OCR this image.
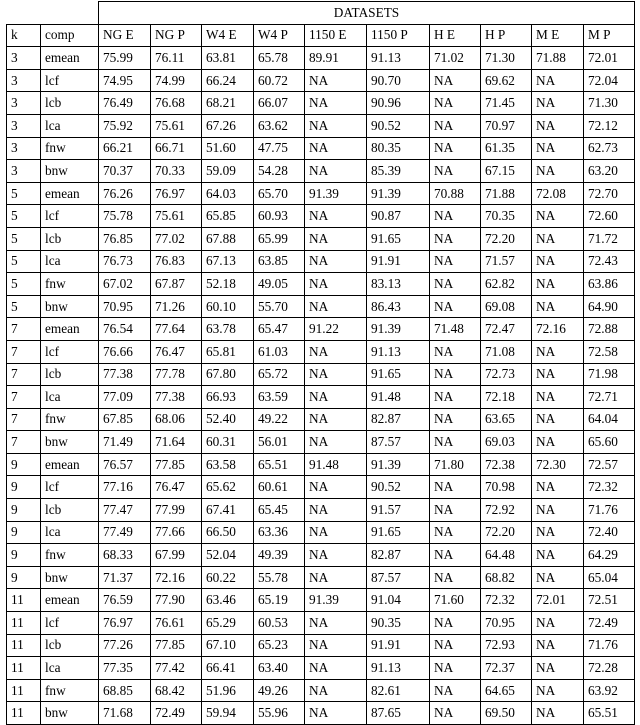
		DATASETS									
k	comp	NG E	NG P	W4 E	W4 P	1150 E	1150 P	H E	H P	M E	M P
3	emean	75.99	76.11	63.81	65.78	89.91	91.13	71.02	71.30	71.88	72.01
3	lcf	74.95	74.99	66.24	60.72	NA	90.70	NA	69.62	NA	72.04
3	lcb	76.49	76.68	68.21	66.07	NA	90.96	NA	71.45	NA	71.30
3	lca	75.92	75.61	67.26	63.62	NA	90.52	NA	70.97	NA	72.12
3	fnw	66.21	66.71	51.60	47.75	NA	80.35	NA	61.35	NA	62.73
3	bnw	70.37	70.33	59.09	54.28	NA	85.39	NA	67.15	NA	63.20
5	emean	76.26	76.97	64.03	65.70	91.39	91.39	70.88	71.88	72.08	72.70
5	lcf	75.78	75.61	65.85	60.93	NA	90.87	NA	70.35	NA	72.60
5	lcb	76.85	77.02	67.88	65.99	NA	91.65	NA	72.20	NA	71.72
5	lca	76.73	76.83	67.13	63.85	NA	91.91	NA	71.57	NA	72.43
5	fnw	67.02	67.87	52.18	49.05	NA	83.13	NA	62.82	NA	63.86
5	bnw	70.95	71.26	60.10	55.70	NA	86.43	NA	69.08	NA	64.90
7	emean	76.54	77.64	63.78	65.47	91.22	91.39	71.48	72.47	72.16	72.88
7	lcf	76.66	76.47	65.81	61.03	NA	91.13	NA	71.08	NA	72.58
7	lcb	77.38	77.78	67.80	65.72	NA	91.65	NA	72.73	NA	71.98
7	lca	77.09	77.38	66.93	63.59	NA	91.48	NA	72.18	NA	72.71
7	fnw	67.85	68.06	52.40	49.22	NA	82.87	NA	63.65	NA	64.04
7	bnw	71.49	71.64	60.31	56.01	NA	87.57	NA	69.03	NA	65.60
9	emean	76.57	77.85	63.58	65.51	91.48	91.39	71.80	72.38	72.30	72.57
9	lcf	77.16	76.47	65.62	60.61	NA	90.52	NA	70.98	NA	72.32
9	lcb	77.47	77.99	67.41	65.45	NA	91.57	NA	72.92	NA	71.76
9	lca	77.49	77.66	66.50	63.36	NA	91.65	NA	72.20	NA	72.40
9	fnw	68.33	67.99	52.04	49.39	NA	82.87	NA	64.48	NA	64.29
9	bnw	71.37	72.16	60.22	55.78	NA	87.57	NA	68.82	NA	65.04
11	emean	76.59	77.90	63.46	65.19	91.39	91.04	71.60	72.32	72.01	72.51
11	lcf	76.97	76.61	65.29	60.53	NA	90.35	NA	70.95	NA	72.49
11	lcb	77.26	77.85	67.10	65.23	NA	91.91	NA	72.93	NA	71.76
11	lca	77.35	77.42	66.41	63.40	NA	91.13	NA	72.37	NA	72.28
11	fnw	68.85	68.42	51.96	49.26	NA	82.61	NA	64.65	NA	63.92
11	bnw	71.68	72.49	59.94	55.96	NA	87.65	NA	69.50	NA	65.51
